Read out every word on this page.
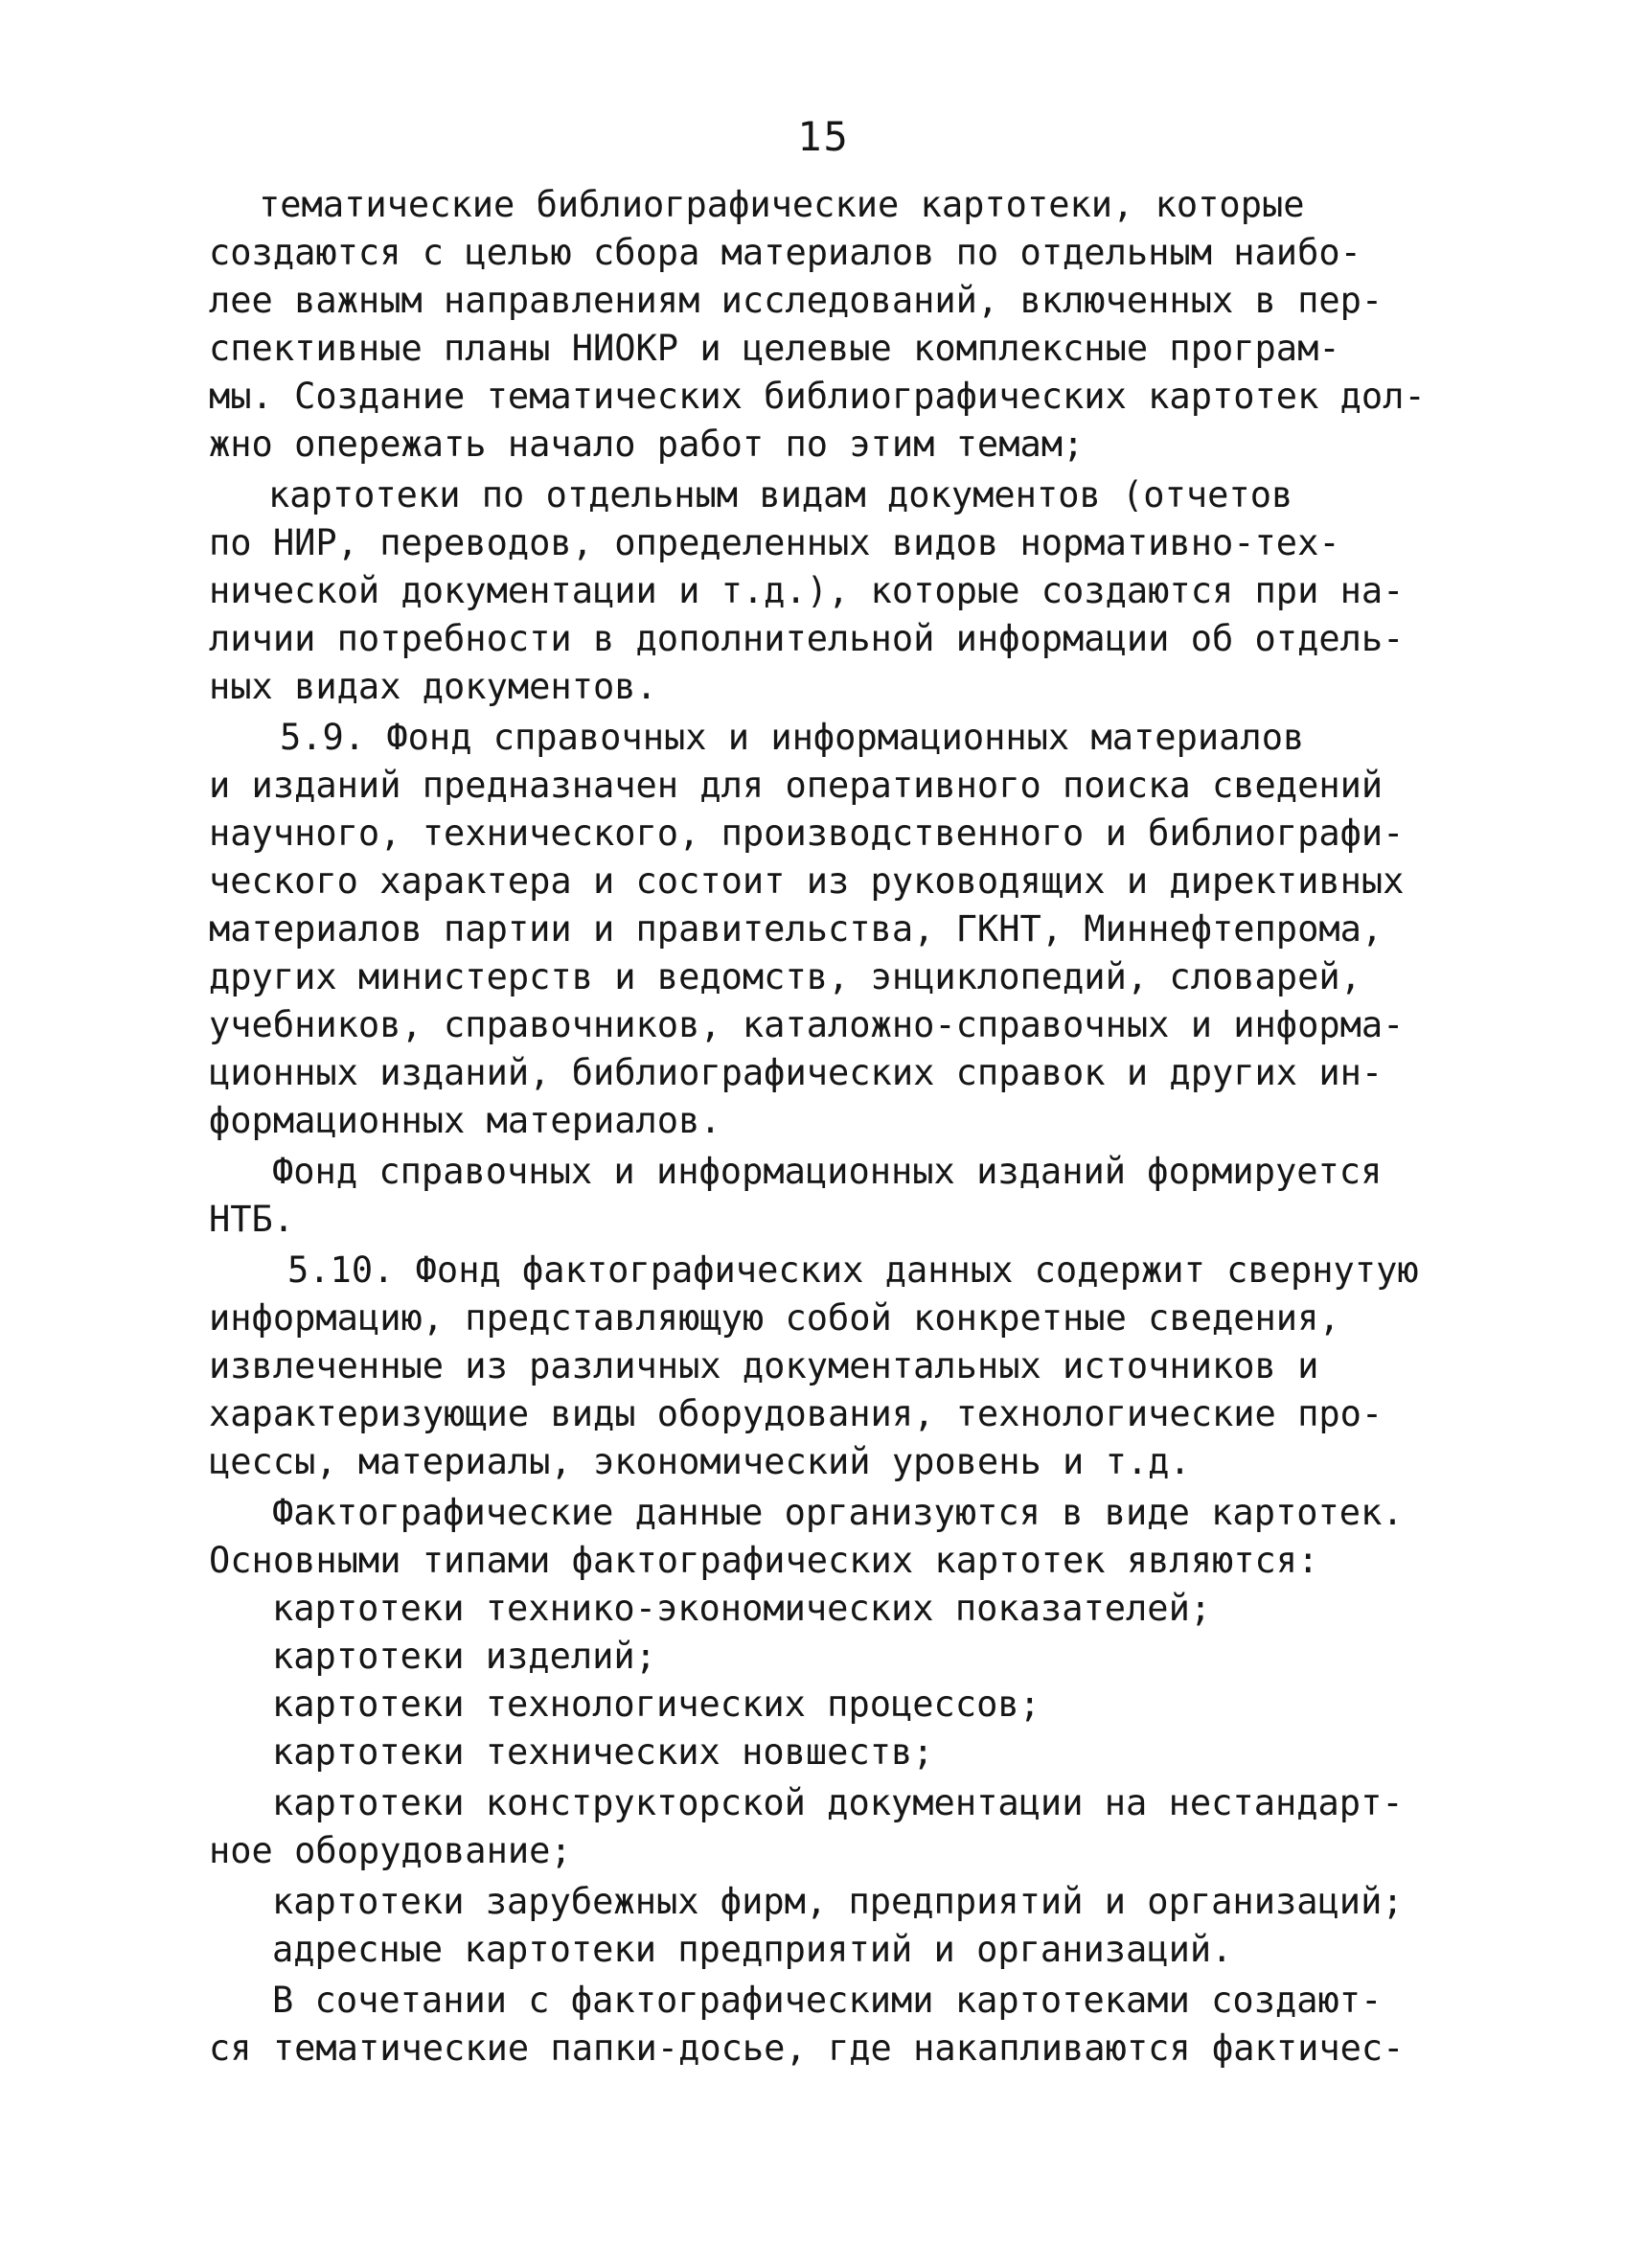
15
тематические библиографические картотеки, которые
создаются с целью сбора материалов по отдельным наибо-
лее важным направлениям исследований, включенных в пер-
спективные планы НИОКР и целевые комплексные програм-
мы. Создание тематических библиографических картотек дол-
жно опережать начало работ по этим темам;
картотеки по отдельным видам документов (отчетов
по НИР, переводов, определенных видов нормативно-тех-
нической документации и т.д.), которые создаются при на-
личии потребности в дополнительной информации об отдель-
ных видах документов.
5.9. Фонд справочных и информационных материалов
и изданий предназначен для оперативного поиска сведений
научного, технического, производственного и библиографи-
ческого характера и состоит из руководящих и директивных
материалов партии и правительства, ГКНТ, Миннефтепрома,
других министерств и ведомств, энциклопедий, словарей,
учебников, справочников, каталожно-справочных и информа-
ционных изданий, библиографических справок и других ин-
формационных материалов.
Фонд справочных и информационных изданий формируется
НТБ.
5.10. Фонд фактографических данных содержит свернутую
информацию, представляющую собой конкретные сведения,
извлеченные из различных документальных источников и
характеризующие виды оборудования, технологические про-
цессы, материалы, экономический уровень и т.д.
Фактографические данные организуются в виде картотек.
Основными типами фактографических картотек являются:
картотеки технико-экономических показателей;
картотеки изделий;
картотеки технологических процессов;
картотеки технических новшеств;
картотеки конструкторской документации на нестандарт-
ное оборудование;
картотеки зарубежных фирм, предприятий и организаций;
адресные картотеки предприятий и организаций.
В сочетании с фактографическими картотеками создают-
ся тематические папки-досье, где накапливаются фактичес-
